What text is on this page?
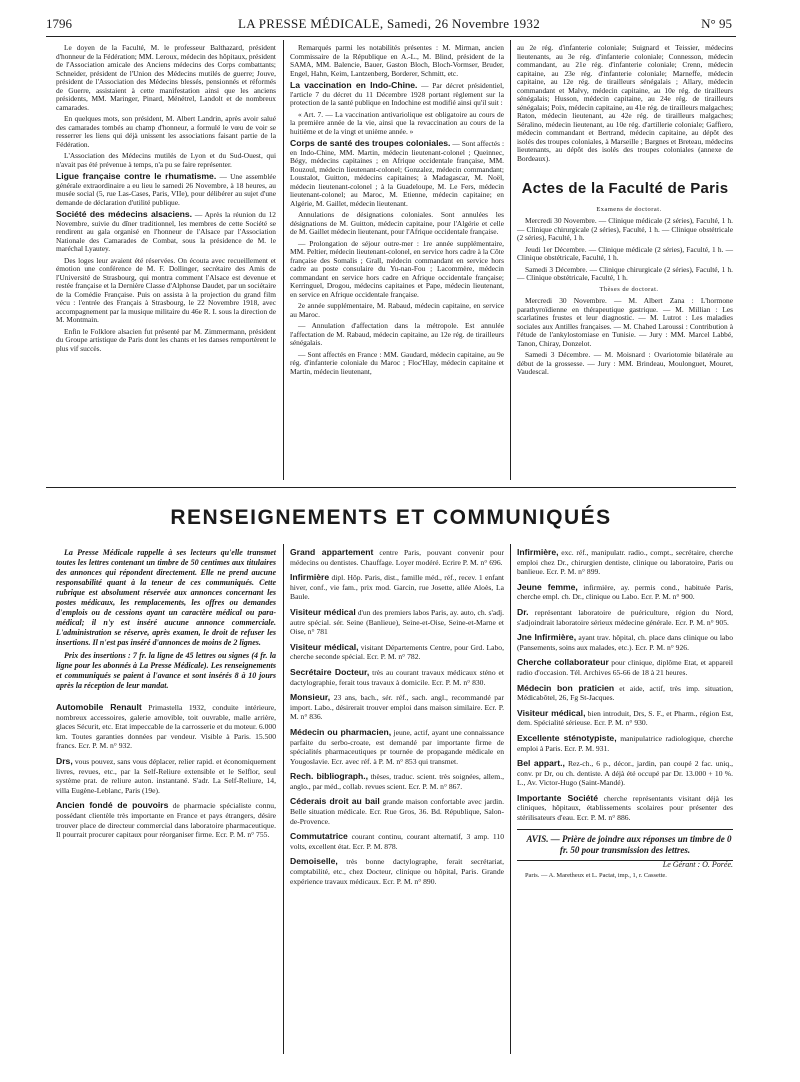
1796	LA PRESSE MÉDICALE, Samedi, 26 Novembre 1932	N° 95

Le doyen de la Faculté, M. le professeur Balthazard, président d'honneur de la Fédération; MM. Leroux, médecin des hôpitaux, président de l'Association amicale des Anciens médecins des Corps combattants; Schneider, président de l'Union des Médecins mutilés de guerre; Jouve, président de l'Association des Médecins blessés, pensionnés et réformés de Guerre, assistaient à cette manifestation ainsi que les anciens présidents, MM. Maringer, Pinard, Ménétrel, Landolt et de nombreux camarades.

En quelques mots, son président, M. Albert Landrin, après avoir salué des camarades tombés au champ d'honneur, a formulé le vœu de voir se resserrer les liens qui déjà unissent les associations faisant partie de la Fédération.

L'Association des Médecins mutilés de Lyon et du Sud-Ouest, qui n'avait pas été prévenue à temps, n'a pu se faire représenter.

Ligue française contre le rhumatisme. — Une assemblée générale extraordinaire a eu lieu le samedi 26 Novembre, à 18 heures, au musée social (5, rue Las-Cases, Paris, VIIe), pour délibérer au sujet d'une demande de déclaration d'utilité publique.

Société des médecins alsaciens. — Après la réunion du 12 Novembre, suivie du dîner traditionnel, les membres de cette Société se rendirent au gala organisé en l'honneur de l'Alsace par l'Association Nationale des Camarades de Combat, sous la présidence de M. le maréchal Lyautey.

Des loges leur avaient été réservées. On écouta avec recueillement et émotion une conférence de M. F. Dollinger, secrétaire des Amis de l'Université de Strasbourg, qui montra comment l'Alsace est devenue et restée française et la Dernière Classe d'Alphonse Daudet, par un sociétaire de la Comédie Française. Puis on assista à la projection du grand film vécu : l'entrée des Français à Strasbourg, le 22 Novembre 1918, avec accompagnement par la musique militaire du 46e R. I. sous la direction de M. Montmain.

Enfin le Folklore alsacien fut présenté par M. Zimmermann, président du Groupe artistique de Paris dont les chants et les danses remportèrent le plus vif succès.

Remarqués parmi les notabilités présentes : M. Mirman, ancien Commissaire de la République en A.-L., M. Blind, président de la SAMA, MM. Balencie, Bauer, Gaston Bloch, Bloch-Vormser, Bruder, Engel, Hahn, Keim, Lantzenberg, Borderer, Schmitt, etc.

La vaccination en Indo-Chine. — Par décret présidentiel, l'article 7 du décret du 11 Décembre 1928 portant règlement sur la protection de la santé publique en Indochine est modifié ainsi qu'il suit :

« Art. 7. — La vaccination antivariolique est obligatoire au cours de la première année de la vie, ainsi que la revaccination au cours de la huitième et de la vingt et unième année. »

Corps de santé des troupes coloniales. — Sont affectés : en Indo-Chine, MM. Martin, médecin lieutenant-colonel ; Queinnec, Bégy, médecins capitaines ; en Afrique occidentale française, MM. Rouzoul, médecin lieutenant-colonel; Gonzalez, médecin commandant; Loustalot, Guitton, médecins capitaines; à Madagascar, M. Noël, médecin lieutenant-colonel ; à la Guadeloupe, M. Le Fers, médecin lieutenant-colonel; au Maroc, M. Etienne, médecin capitaine; en Algérie, M. Gaillet, médecin lieutenant.

Annulations de désignations coloniales. Sont annulées les désignations de M. Guitton, médecin capitaine, pour l'Algérie et celle de M. Gaillet médecin lieutenant, pour l'Afrique occidentale française.

— Prolongation de séjour outre-mer : 1re année supplémentaire, MM. Peltier, médecin lieutenant-colonel, en service hors cadre à la Côte française des Somalis ; Grall, médecin commandant en service hors cadre au poste consulaire du Yu-nan-Fou ; Lacommère, médecin commandant en service hors cadre en Afrique occidentale française; Kerringuel, Drogou, médecins capitaines et Pape, médecin lieutenant, en service en Afrique occidentale française.

2e année supplémentaire, M. Rabaud, médecin capitaine, en service au Maroc.

— Annulation d'affectation dans la métropole. Est annulée l'affectation de M. Rabaud, médecin capitaine, au 12e rég. de tirailleurs sénégalais.

— Sont affectés en France : MM. Gaudard, médecin capitaine, au 9e rég. d'infanterie coloniale du Maroc ; Floc'Hlay, médecin capitaine et Martin, médecin lieutenant,

au 2e rég. d'infanterie coloniale; Suignard et Teissier, médecins lieutenants, au 3e rég. d'infanterie coloniale; Connesson, médecin commandant, au 21e rég. d'infanterie coloniale; Crenn, médecin capitaine, au 23e rég. d'infanterie coloniale; Marneffe, médecin capitaine, au 12e rég. de tirailleurs sénégalais ; Allary, médecin commandant et Malvy, médecin capitaine, au 10e rég. de tirailleurs sénégalais; Husson, médecin capitaine, au 24e rég. de tirailleurs sénégalais; Poix, médecin capitaine, au 41e rég. de tirailleurs malgaches; Raton, médecin lieutenant, au 42e rég. de tirailleurs malgaches; Séralino, médecin lieutenant, au 10e rég. d'artillerie coloniale; Gaffiero, médecin commandant et Bertrand, médecin capitaine, au dépôt des isolés des troupes coloniales, à Marseille ; Bargnes et Breteau, médecins lieutenants, au dépôt des isolés des troupes coloniales (annexe de Bordeaux).

Actes de la Faculté de Paris

Examens de doctorat.

Mercredi 30 Novembre. — Clinique médicale (2 séries), Faculté, 1 h. — Clinique chirurgicale (2 séries), Faculté, 1 h. — Clinique obstétricale (2 séries), Faculté, 1 h.

Jeudi 1er Décembre. — Clinique médicale (2 séries), Faculté, 1 h. — Clinique obstétricale, Faculté, 1 h.

Samedi 3 Décembre. — Clinique chirurgicale (2 séries), Faculté, 1 h. — Clinique obstétricale, Faculté, 1 h.

Thèses de doctorat.

Mercredi 30 Novembre. — M. Albert Zana : L'hormone parathyroïdienne en thérapeutique gastrique. — M. Millian : Les scarlatines frustes et leur diagnostic. — M. Lutrot : Les maladies sociales aux Antilles françaises. — M. Chahed Laroussi : Contribution à l'étude de l'ankylostomiase en Tunisie. — Jury : MM. Marcel Labbé, Tanon, Chiray, Donzelot.

Samedi 3 Décembre. — M. Moisnard : Ovariotomie bilatérale au début de la grossesse. — Jury : MM. Brindeau, Moulonguet, Mouret, Vaudescal.

RENSEIGNEMENTS ET COMMUNIQUÉS

La Presse Médicale rappelle à ses lecteurs qu'elle transmet toutes les lettres contenant un timbre de 50 centimes aux titulaires des annonces qui répondent directement. Elle ne prend aucune responsabilité quant à la teneur de ces communiqués. Cette rubrique est absolument réservée aux annonces concernant les postes médicaux, les remplacements, les offres ou demandes d'emplois ou de cessions ayant un caractère médical ou para-médical; il n'y est inséré aucune annonce commerciale. L'administration se réserve, après examen, le droit de refuser les insertions. Il n'est pas inséré d'annonces de moins de 2 lignes.

Prix des insertions : 7 fr. la ligne de 45 lettres ou signes (4 fr. la ligne pour les abonnés à La Presse Médicale). Les renseignements et communiqués se paient à l'avance et sont insérés 8 à 10 jours après la réception de leur mandat.

Automobile Renault Primastella 1932, conduite intérieure, nombreux accessoires, galerie amovible, toit ouvrable, malle arrière, glaces Sécurit, etc. Etat impeccable de la carrosserie et du moteur. 6.000 km. Toutes garanties données par vendeur. Visible à Paris. 15.500 francs. Ecr. P. M. n° 932.

Drs, vous pouvez, sans vous déplacer, relier rapid. et économiquement livres, revues, etc., par la Self-Reliure extensible et le Selflor, seul système prat. de reliure auton. instantané. S'adr. La Self-Reliure, 14, villa Eugène-Leblanc, Paris (19e).

Ancien fondé de pouvoirs de pharmacie spécialiste connu, possédant clientèle très importante en France et pays étrangers, désire trouver place de directeur commercial dans laboratoire pharmaceutique. Il pourrait procurer capitaux pour réorganiser firme. Ecr. P. M. n° 755.

Grand appartement centre Paris, pouvant convenir pour médecins ou dentistes. Chauffage. Loyer modéré. Ecrire P. M. n° 696.

Infirmière dipl. Hôp. Paris, dist., famille méd., réf., recev. 1 enfant hiver, conf., vie fam., prix mod. Garcin, rue Josette, allée Aloès, La Baule.

Visiteur médical d'un des premiers labos Paris, ay. auto, ch. s'adj. autre spécial. sér. Seine (Banlieue), Seine-et-Oise, Seine-et-Marne et Oise, n° 781

Visiteur médical, visitant Départements Centre, pour Grd. Labo, cherche seconde spécial. Ecr. P. M. n° 782.

Secrétaire Docteur, très au courant travaux médicaux sténo et dactylographie, ferait tous travaux à domicile. Ecr. P. M. n° 830.

Monsieur, 23 ans, bach., sér. réf., sach. angl., recommandé par import. Labo., désirerait trouver emploi dans maison similaire. Ecr. P. M. n° 836.

Médecin ou pharmacien, jeune, actif, ayant une connaissance parfaite du serbo-croate, est demandé par importante firme de spécialités pharmaceutiques pr tournée de propagande médicale en Yougoslavie. Ecr. avec réf. à P. M. n° 853 qui transmet.

Rech. bibliograph., thèses, traduc. scient. très soignées, allem., anglo., par méd., collab. revues scient. Ecr. P. M. n° 867.

Céderais droit au bail grande maison confortable avec jardin. Belle situation médicale. Ecr. Rue Gros, 36. Bd. République, Salon-de-Provence.

Commutatrice courant continu, courant alternatif, 3 amp. 110 volts, excellent état. Ecr. P. M. 878.

Demoiselle, très bonne dactylographe, ferait secrétariat, comptabilité, etc., chez Docteur, clinique ou hôpital, Paris. Grande expérience travaux médicaux. Ecr. P. M. n° 890.

Infirmière, exc. réf., manipulatr. radio., compt., secrétaire, cherche emploi chez Dr., chirurgien dentiste, clinique ou laboratoire, Paris ou banlieue. Ecr. P. M. n° 899.

Jeune femme, infirmière, ay. permis cond., habituée Paris, cherche empl. ch. Dr., clinique ou Labo. Ecr. P. M. n° 900.

Dr. représentant laboratoire de puériculture, région du Nord, s'adjoindrait laboratoire sérieux médecine générale. Ecr. P. M. n° 905.

Jne Infirmière, ayant trav. hôpital, ch. place dans clinique ou labo (Pansements, soins aux malades, etc.). Ecr. P. M. n° 926.

Cherche collaborateur pour clinique, diplôme Etat, et appareil radio d'occasion. Tél. Archives 65-66 de 18 à 21 heures.

Médecin bon praticien et aide, actif, très imp. situation, Médicabôtel, 26, Fg St-Jacques.

Visiteur médical, bien introduit, Drs, S. F., et Pharm., région Est, dem. Spécialité sérieuse. Ecr. P. M. n° 930.

Excellente sténotypiste, manipulatrice radiologique, cherche emploi à Paris. Ecr. P. M. 931.

Bel appart., Rez-ch., 6 p., décor., jardin, pan coupé 2 fac. uniq., conv. pr Dr, ou ch. dentiste. A déjà été occupé par Dr. 13.000 + 10 %. L., Av. Victor-Hugo (Saint-Mandé).

Importante Société cherche représentants visitant déjà les cliniques, hôpitaux, établissements scolaires pour présenter des stérilisateurs d'eau. Ecr. P. M. n° 886.

AVIS. — Prière de joindre aux réponses un timbre de 0 fr. 50 pour transmission des lettres.

Le Gérant : O. Porée.

Paris. — A. Maretheux et L. Pactat, imp., 1, r. Cassette.
